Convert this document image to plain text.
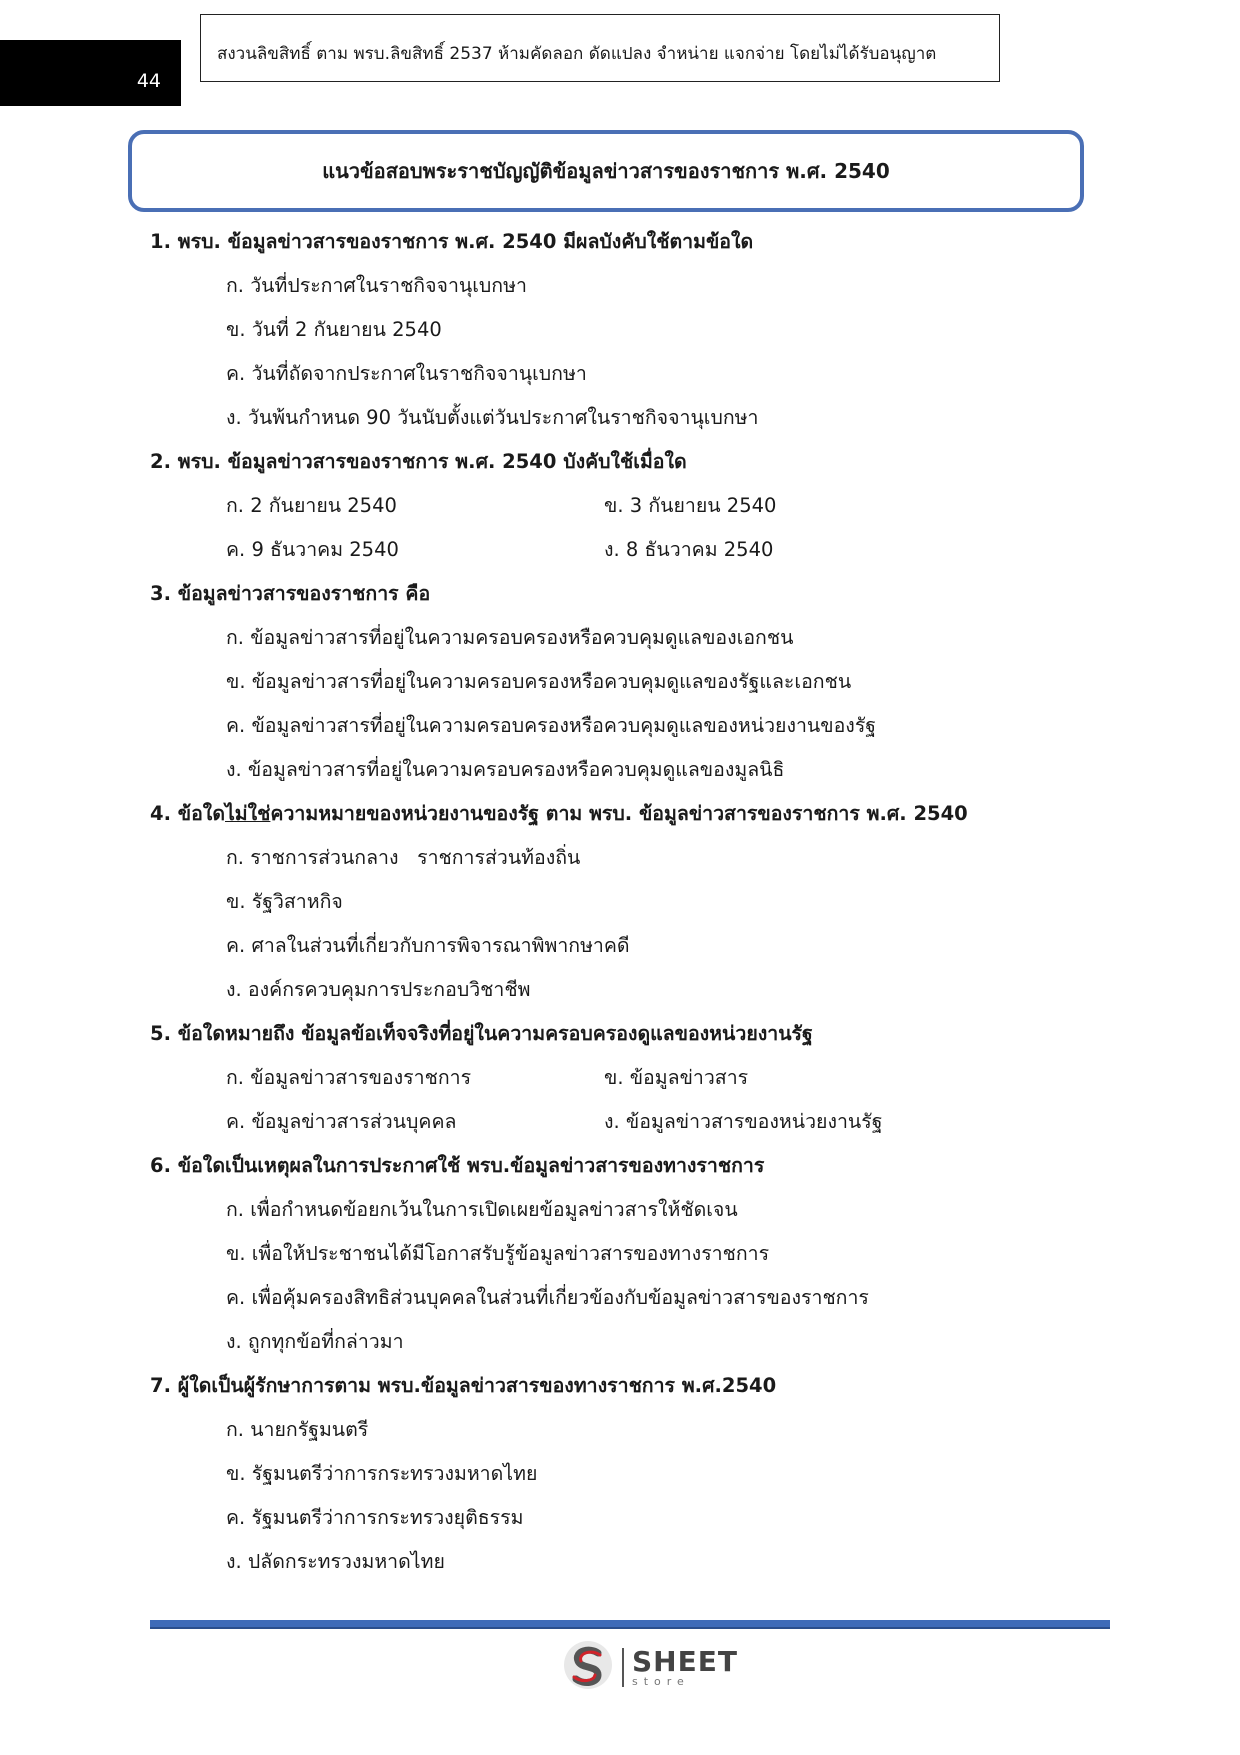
44
สงวนลิขสิทธิ์ ตาม พรบ.ลิขสิทธิ์ 2537 ห้ามคัดลอก ดัดแปลง จำหน่าย แจกจ่าย โดยไม่ได้รับอนุญาต
แนวข้อสอบพระราชบัญญัติข้อมูลข่าวสารของราชการ พ.ศ. 2540
1. พรบ. ข้อมูลข่าวสารของราชการ พ.ศ. 2540 มีผลบังคับใช้ตามข้อใด
ก. วันที่ประกาศในราชกิจจานุเบกษา
ข. วันที่ 2 กันยายน 2540
ค. วันที่ถัดจากประกาศในราชกิจจานุเบกษา
ง. วันพ้นกำหนด 90 วันนับตั้งแต่วันประกาศในราชกิจจานุเบกษา
2. พรบ. ข้อมูลข่าวสารของราชการ พ.ศ. 2540 บังคับใช้เมื่อใด
ก. 2 กันยายน 2540	ข. 3 กันยายน 2540
ค. 9 ธันวาคม 2540	ง. 8 ธันวาคม 2540
3. ข้อมูลข่าวสารของราชการ คือ
ก. ข้อมูลข่าวสารที่อยู่ในความครอบครองหรือควบคุมดูแลของเอกชน
ข. ข้อมูลข่าวสารที่อยู่ในความครอบครองหรือควบคุมดูแลของรัฐและเอกชน
ค. ข้อมูลข่าวสารที่อยู่ในความครอบครองหรือควบคุมดูแลของหน่วยงานของรัฐ
ง. ข้อมูลข่าวสารที่อยู่ในความครอบครองหรือควบคุมดูแลของมูลนิธิ
4. ข้อใดไม่ใช่ความหมายของหน่วยงานของรัฐ ตาม พรบ. ข้อมูลข่าวสารของราชการ พ.ศ. 2540
ก. ราชการส่วนกลาง   ราชการส่วนท้องถิ่น
ข. รัฐวิสาหกิจ
ค. ศาลในส่วนที่เกี่ยวกับการพิจารณาพิพากษาคดี
ง. องค์กรควบคุมการประกอบวิชาชีพ
5. ข้อใดหมายถึง ข้อมูลข้อเท็จจริงที่อยู่ในความครอบครองดูแลของหน่วยงานรัฐ
ก. ข้อมูลข่าวสารของราชการ	ข. ข้อมูลข่าวสาร
ค. ข้อมูลข่าวสารส่วนบุคคล	ง. ข้อมูลข่าวสารของหน่วยงานรัฐ
6. ข้อใดเป็นเหตุผลในการประกาศใช้ พรบ.ข้อมูลข่าวสารของทางราชการ
ก. เพื่อกำหนดข้อยกเว้นในการเปิดเผยข้อมูลข่าวสารให้ชัดเจน
ข. เพื่อให้ประชาชนได้มีโอกาสรับรู้ข้อมูลข่าวสารของทางราชการ
ค. เพื่อคุ้มครองสิทธิส่วนบุคคลในส่วนที่เกี่ยวข้องกับข้อมูลข่าวสารของราชการ
ง. ถูกทุกข้อที่กล่าวมา
7. ผู้ใดเป็นผู้รักษาการตาม พรบ.ข้อมูลข่าวสารของทางราชการ พ.ศ.2540
ก. นายกรัฐมนตรี
ข. รัฐมนตรีว่าการกระทรวงมหาดไทย
ค. รัฐมนตรีว่าการกระทรวงยุติธรรม
ง. ปลัดกระทรวงมหาดไทย
SHEET
store
